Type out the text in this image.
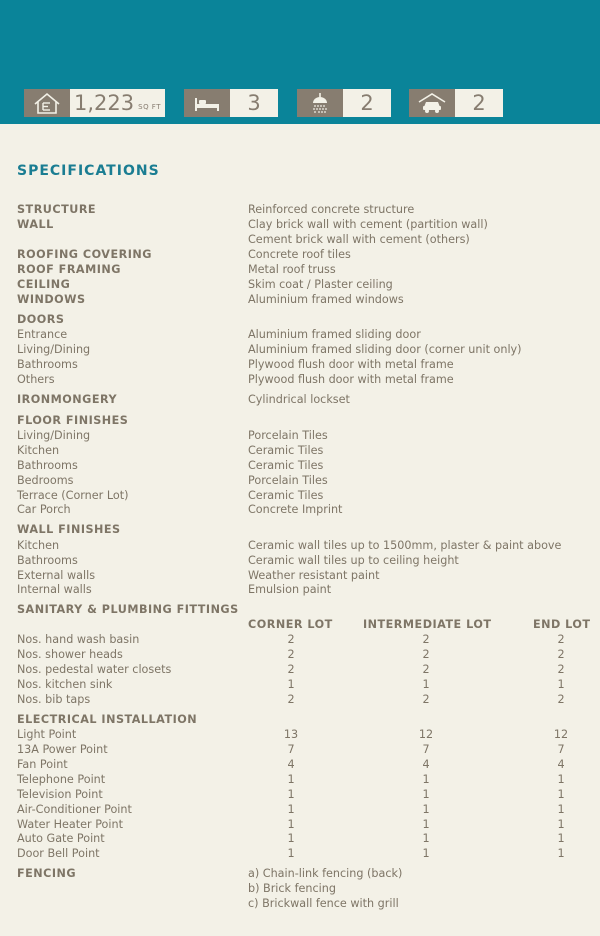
1,223 SQ FT	3	2	2
SPECIFICATIONS
STRUCTURE	Reinforced concrete structure
WALL	Clay brick wall with cement (partition wall)
Cement brick wall with cement (others)
ROOFING COVERING	Concrete roof tiles
ROOF FRAMING	Metal roof truss
CEILING	Skim coat / Plaster ceiling
WINDOWS	Aluminium framed windows
DOORS
Entrance	Aluminium framed sliding door
Living/Dining	Aluminium framed sliding door (corner unit only)
Bathrooms	Plywood flush door with metal frame
Others	Plywood flush door with metal frame
IRONMONGERY	Cylindrical lockset
FLOOR FINISHES
Living/Dining	Porcelain Tiles
Kitchen	Ceramic Tiles
Bathrooms	Ceramic Tiles
Bedrooms	Porcelain Tiles
Terrace (Corner Lot)	Ceramic Tiles
Car Porch	Concrete Imprint
WALL FINISHES
Kitchen	Ceramic wall tiles up to 1500mm, plaster & paint above
Bathrooms	Ceramic wall tiles up to ceiling height
External walls	Weather resistant paint
Internal walls	Emulsion paint
SANITARY & PLUMBING FITTINGS
CORNER LOT	INTERMEDIATE LOT	END LOT
Nos. hand wash basin	2	2	2
Nos. shower heads	2	2	2
Nos. pedestal water closets	2	2	2
Nos. kitchen sink	1	1	1
Nos. bib taps	2	2	2
ELECTRICAL INSTALLATION
Light Point	13	12	12
13A Power Point	7	7	7
Fan Point	4	4	4
Telephone Point	1	1	1
Television Point	1	1	1
Air-Conditioner Point	1	1	1
Water Heater Point	1	1	1
Auto Gate Point	1	1	1
Door Bell Point	1	1	1
FENCING	a) Chain-link fencing (back)
b) Brick fencing
c) Brickwall fence with grill
